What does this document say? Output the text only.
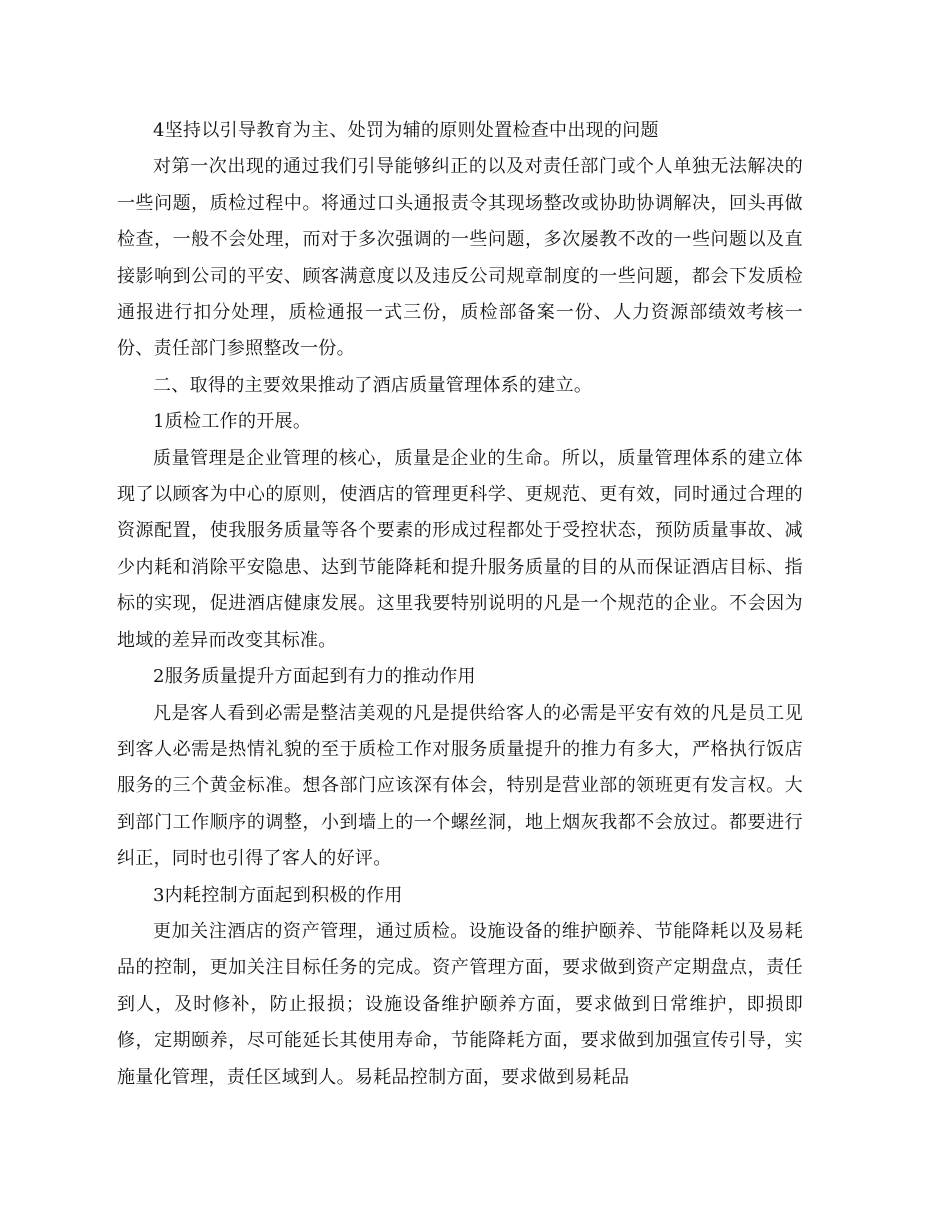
4坚持以引导教育为主、处罚为辅的原则处置检查中出现的问题

对第一次出现的通过我们引导能够纠正的以及对责任部门或个人单独无法解决的一些问题，质检过程中。将通过口头通报责令其现场整改或协助协调解决，回头再做检查，一般不会处理，而对于多次强调的一些问题，多次屡教不改的一些问题以及直接影响到公司的平安、顾客满意度以及违反公司规章制度的一些问题，都会下发质检通报进行扣分处理，质检通报一式三份，质检部备案一份、人力资源部绩效考核一份、责任部门参照整改一份。

二、取得的主要效果推动了酒店质量管理体系的建立。

1质检工作的开展。

质量管理是企业管理的核心，质量是企业的生命。所以，质量管理体系的建立体现了以顾客为中心的原则，使酒店的管理更科学、更规范、更有效，同时通过合理的资源配置，使我服务质量等各个要素的形成过程都处于受控状态，预防质量事故、减少内耗和消除平安隐患、达到节能降耗和提升服务质量的目的从而保证酒店目标、指标的实现，促进酒店健康发展。这里我要特别说明的凡是一个规范的企业。不会因为地域的差异而改变其标准。

2服务质量提升方面起到有力的推动作用

凡是客人看到必需是整洁美观的凡是提供给客人的必需是平安有效的凡是员工见到客人必需是热情礼貌的至于质检工作对服务质量提升的推力有多大，严格执行饭店服务的三个黄金标准。想各部门应该深有体会，特别是营业部的领班更有发言权。大到部门工作顺序的调整，小到墙上的一个螺丝洞，地上烟灰我都不会放过。都要进行纠正，同时也引得了客人的好评。

3内耗控制方面起到积极的作用

更加关注酒店的资产管理，通过质检。设施设备的维护颐养、节能降耗以及易耗品的控制，更加关注目标任务的完成。资产管理方面，要求做到资产定期盘点，责任到人，及时修补，防止报损；设施设备维护颐养方面，要求做到日常维护，即损即修，定期颐养，尽可能延长其使用寿命，节能降耗方面，要求做到加强宣传引导，实施量化管理，责任区域到人。易耗品控制方面，要求做到易耗品
